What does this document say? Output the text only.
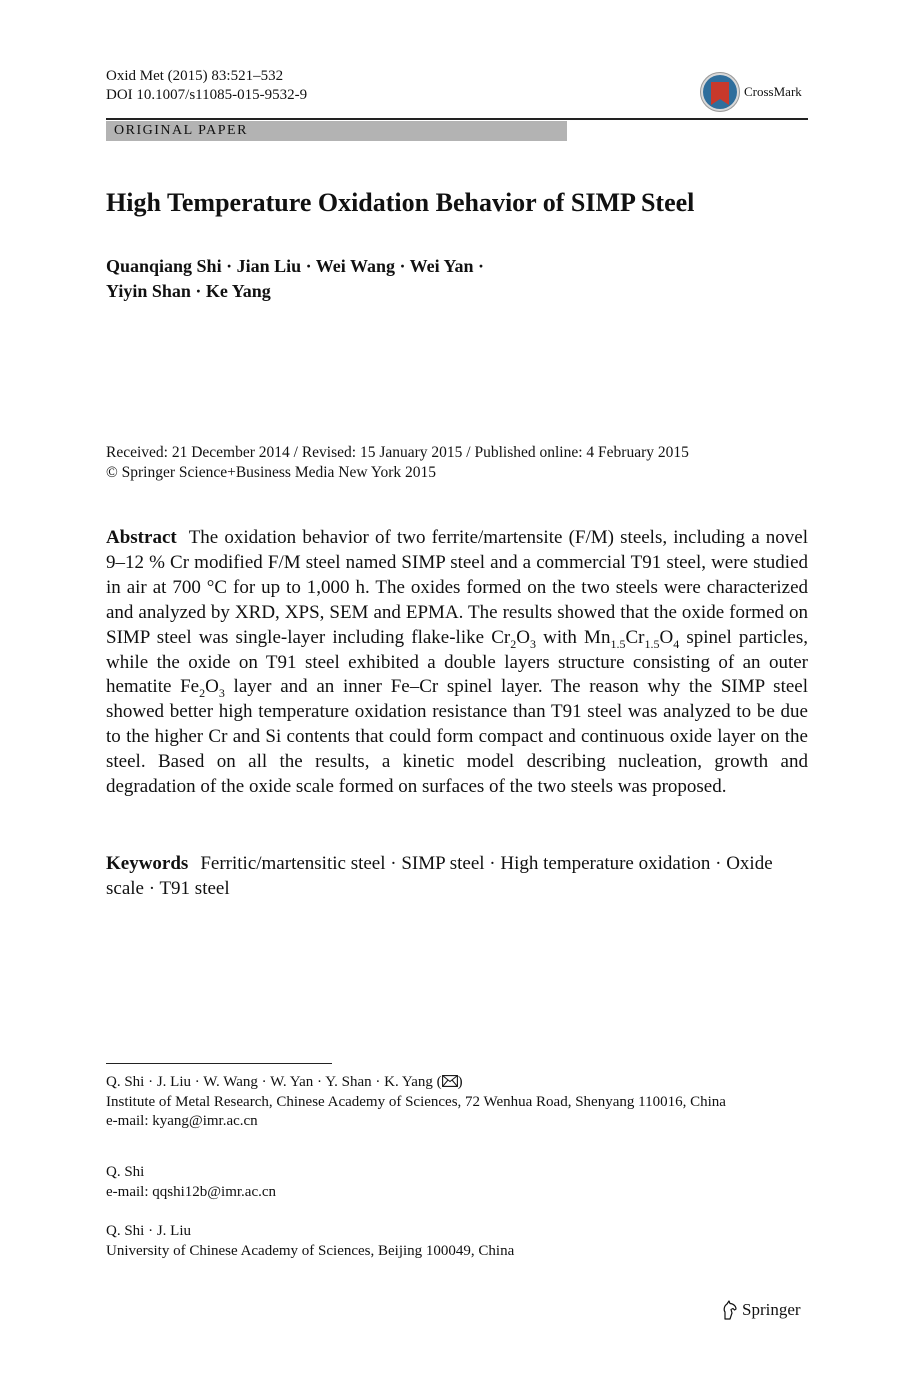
Oxid Met (2015) 83:521–532
DOI 10.1007/s11085-015-9532-9	CrossMark
ORIGINAL PAPER
High Temperature Oxidation Behavior of SIMP Steel
Quanqiang Shi · Jian Liu · Wei Wang · Wei Yan ·
Yiyin Shan · Ke Yang
Received: 21 December 2014 / Revised: 15 January 2015 / Published online: 4 February 2015
© Springer Science+Business Media New York 2015

Abstract The oxidation behavior of two ferrite/martensite (F/M) steels, including a novel 9–12 % Cr modified F/M steel named SIMP steel and a commercial T91 steel, were studied in air at 700 °C for up to 1,000 h. The oxides formed on the two steels were characterized and analyzed by XRD, XPS, SEM and EPMA. The results showed that the oxide formed on SIMP steel was single-layer including flake-like $Cr_2O_3$ with $Mn_{1.5}Cr_{1.5}O_4$ spinel particles, while the oxide on T91 steel exhibited a double layers structure consisting of an outer hematite $Fe_2O_3$ layer and an inner Fe–Cr spinel layer. The reason why the SIMP steel showed better high temperature oxidation resistance than T91 steel was analyzed to be due to the higher Cr and Si contents that could form compact and continuous oxide layer on the steel. Based on all the results, a kinetic model describing nucleation, growth and degradation of the oxide scale formed on surfaces of the two steels was proposed.

Keywords Ferritic/martensitic steel · SIMP steel · High temperature oxidation · Oxide scale · T91 steel

Q. Shi · J. Liu · W. Wang · W. Yan · Y. Shan · K. Yang ( )
Institute of Metal Research, Chinese Academy of Sciences, 72 Wenhua Road, Shenyang 110016, China
e-mail: kyang@imr.ac.cn
Q. Shi
e-mail: qqshi12b@imr.ac.cn
Q. Shi · J. Liu
University of Chinese Academy of Sciences, Beijing 100049, China
Springer
